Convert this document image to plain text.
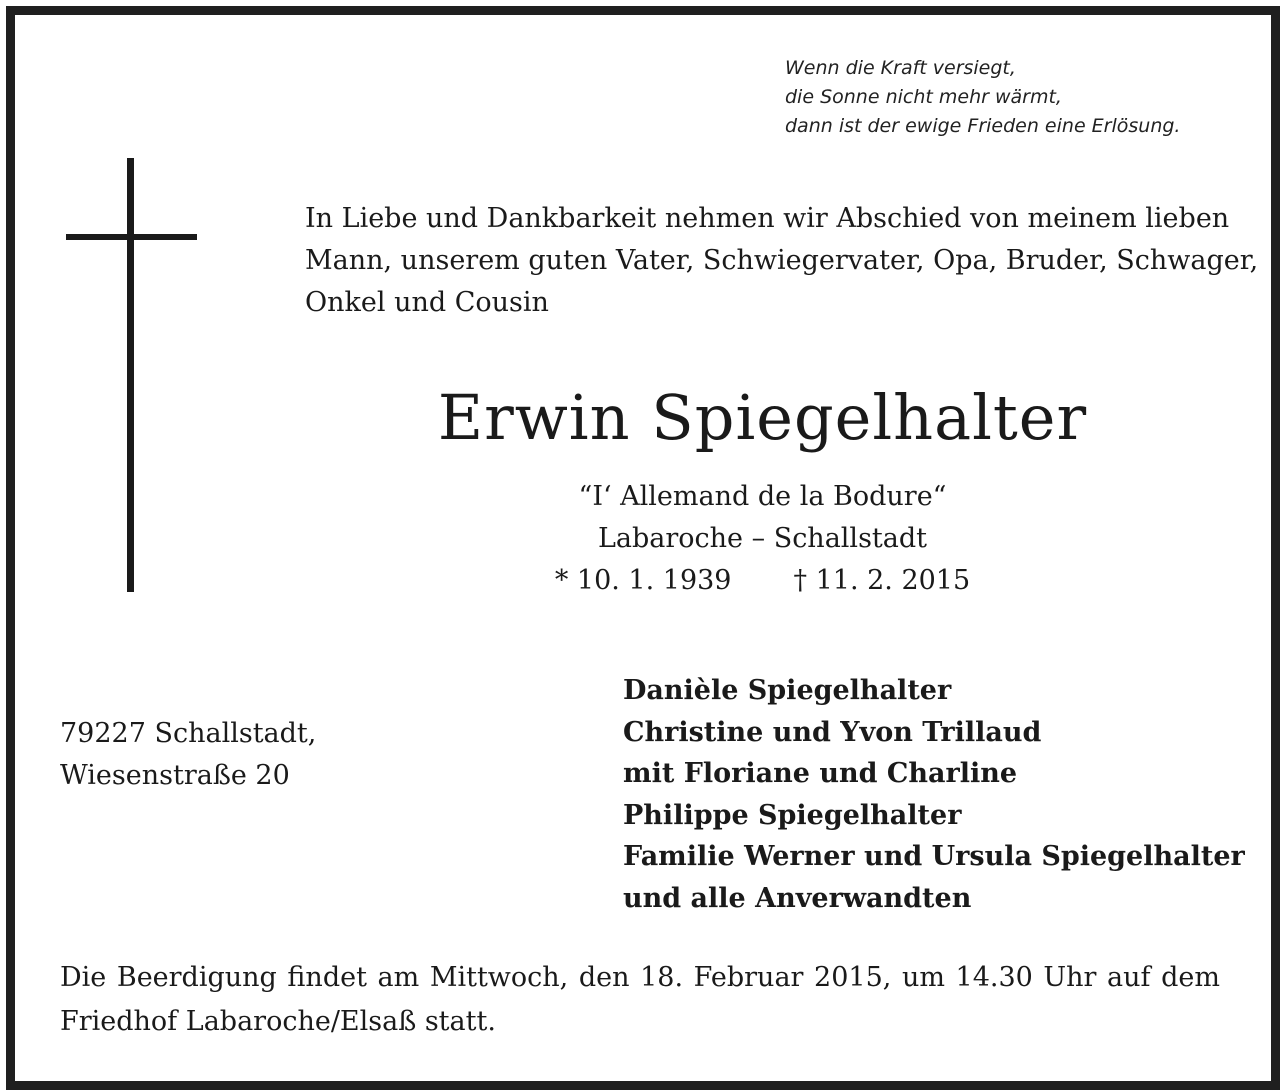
Wenn die Kraft versiegt,
die Sonne nicht mehr wärmt,
dann ist der ewige Frieden eine Erlösung.
In Liebe und Dankbarkeit nehmen wir Abschied von meinem lieben
Mann, unserem guten Vater, Schwiegervater, Opa, Bruder, Schwager,
Onkel und Cousin
Erwin Spiegelhalter
“I‘ Allemand de la Bodure“
Labaroche – Schallstadt
* 10. 1. 1939 † 11. 2. 2015
79227 Schallstadt,
Wiesenstraße 20
Danièle Spiegelhalter
Christine und Yvon Trillaud
mit Floriane und Charline
Philippe Spiegelhalter
Familie Werner und Ursula Spiegelhalter
und alle Anverwandten
Die Beerdigung findet am Mittwoch, den 18. Februar 2015, um 14.30 Uhr auf dem
Friedhof Labaroche/Elsaß statt.
